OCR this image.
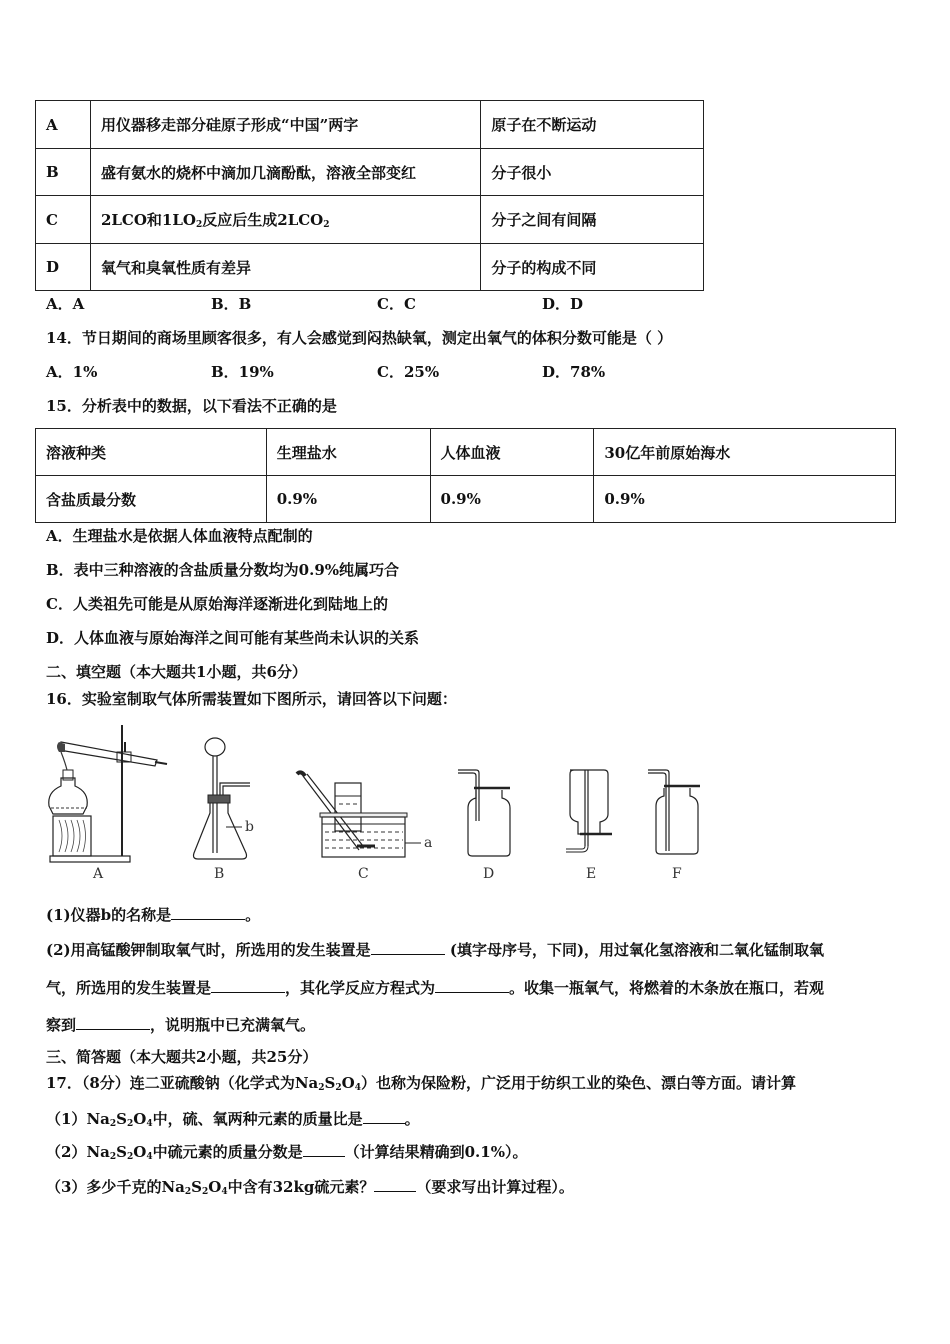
A	用仪器移走部分硅原子形成“中国”两字	原子在不断运动
B	盛有氨水的烧杯中滴加几滴酚酞，溶液全部变红	分子很小
C	2LCO和$1LO_2$反应后生成$2LCO_2$	分子之间有间隔
D	氧气和臭氧性质有差异	分子的构成不同
A．A	B．B	C．C	D．D
14．节日期间的商场里顾客很多，有人会感觉到闷热缺氧，测定出氧气的体积分数可能是（ ）
A．1%	B．19%	C．25%	D．78%
15．分析表中的数据，以下看法不正确的是
溶液种类	生理盐水	人体血液	30亿年前原始海水
含盐质最分数	0.9%	0.9%	0.9%
A．生理盐水是依据人体血液特点配制的
B．表中三种溶液的含盐质量分数均为0.9%纯属巧合
C．人类祖先可能是从原始海洋逐渐进化到陆地上的
D．人体血液与原始海洋之间可能有某些尚未认识的关系
二、填空题（本大题共1小题，共6分）
16．实验室制取气体所需装置如下图所示，请回答以下问题：
A
b
B
a
C	D	E	F
(1)仪器b的名称是	。
(2)用高锰酸钾制取氧气时，所选用的发生装置是	(填字母序号，下同)，用过氧化氢溶液和二氧化锰制取氧
气，所选用的发生装置是	，其化学反应方程式为	。收集一瓶氧气，将燃着的木条放在瓶口，若观
察到	，说明瓶中已充满氧气。
三、简答题（本大题共2小题，共25分）
17．（8分）连二亚硫酸钠（化学式为$Na_2S_2O_4$）也称为保险粉，广泛用于纺织工业的染色、漂白等方面。请计算
$(1)Na_2S_2O_4$中，硫、氧两种元素的质量比是	。
$(2)Na_2S_2O_4$中硫元素的质量分数是	（计算结果精确到0.1%）。
（3）多少千克的$Na_2S_2O_4$中含有32kg硫元素？	（要求写出计算过程）。
